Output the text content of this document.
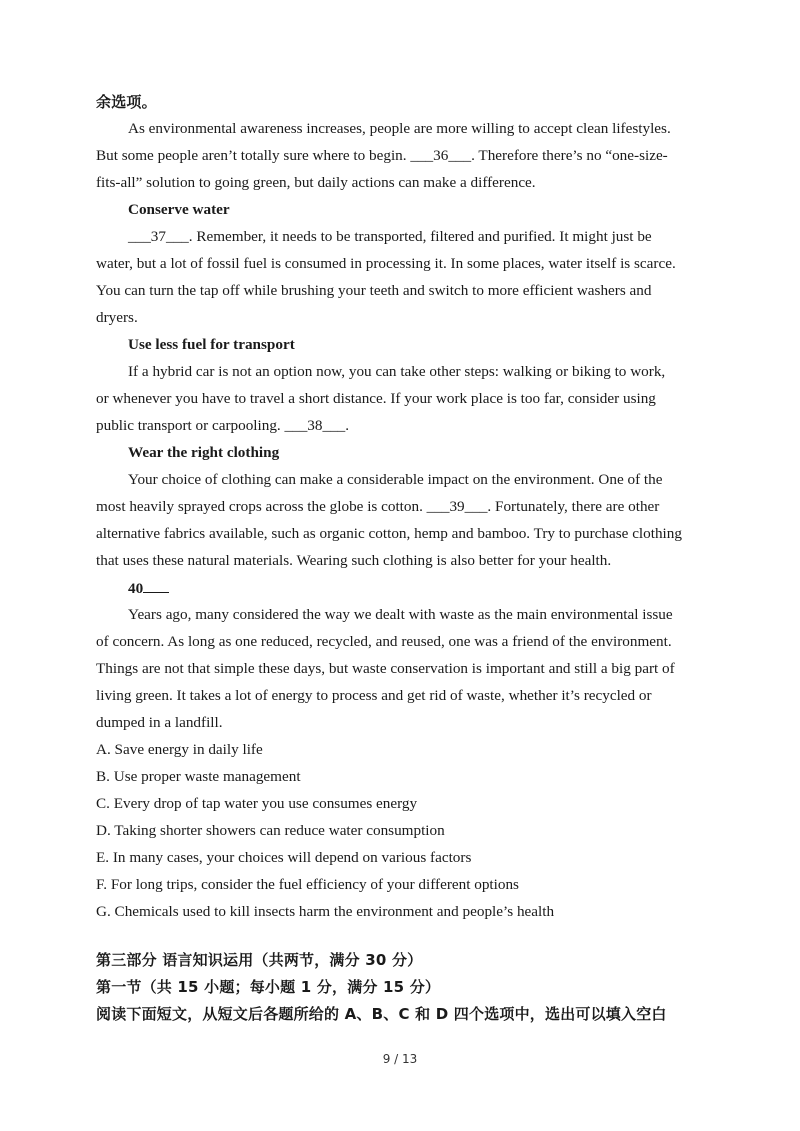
余选项。
As environmental awareness increases, people are more willing to accept clean lifestyles.
But some people aren’t totally sure where to begin. ___36___. Therefore there’s no “one-size-
fits-all” solution to going green, but daily actions can make a difference.
Conserve water
___37___. Remember, it needs to be transported, filtered and purified. It might just be
water, but a lot of fossil fuel is consumed in processing it. In some places, water itself is scarce.
You can turn the tap off while brushing your teeth and switch to more efficient washers and
dryers.
Use less fuel for transport
If a hybrid car is not an option now, you can take other steps: walking or biking to work,
or whenever you have to travel a short distance. If your work place is too far, consider using
public transport or carpooling. ___38___.
Wear the right clothing
Your choice of clothing can make a considerable impact on the environment. One of the
most heavily sprayed crops across the globe is cotton. ___39___. Fortunately, there are other
alternative fabrics available, such as organic cotton, hemp and bamboo. Try to purchase clothing
that uses these natural materials. Wearing such clothing is also better for your health.
40
Years ago, many considered the way we dealt with waste as the main environmental issue
of concern. As long as one reduced, recycled, and reused, one was a friend of the environment.
Things are not that simple these days, but waste conservation is important and still a big part of
living green. It takes a lot of energy to process and get rid of waste, whether it’s recycled or
dumped in a landfill.
A. Save energy in daily life
B. Use proper waste management
C. Every drop of tap water you use consumes energy
D. Taking shorter showers can reduce water consumption
E. In many cases, your choices will depend on various factors
F. For long trips, consider the fuel efficiency of your different options
G. Chemicals used to kill insects harm the environment and people’s health
第三部分 语言知识运用（共两节，满分 30 分）
第一节（共 15 小题；每小题 1 分，满分 15 分）
阅读下面短文，从短文后各题所给的 A、B、C 和 D 四个选项中，选出可以填入空白
9 / 13
